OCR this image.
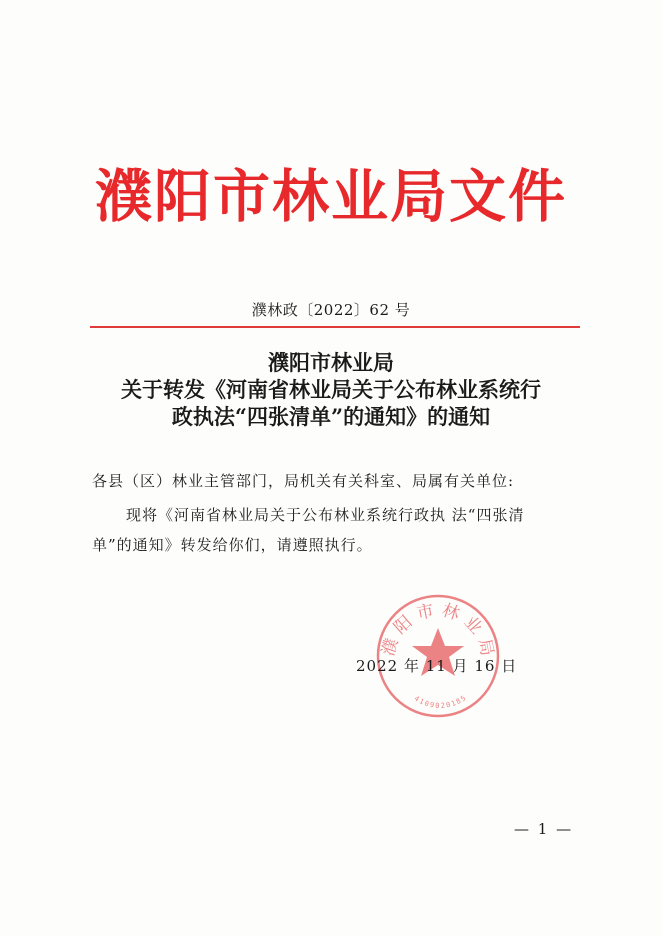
濮阳市林业局文件
濮林政〔2022〕62 号
濮阳市林业局
关于转发《河南省林业局关于公布林业系统行
政执法“四张清单”的通知》的通知
各县（区）林业主管部门，局机关有关科室、局属有关单位:
现将《河南省林业局关于公布林业系统行政执 法“四张清
单”的通知》转发给你们，请遵照执行。
濮阳市林业局
4109020185
2022 年 11 月 16 日
— 1 —
